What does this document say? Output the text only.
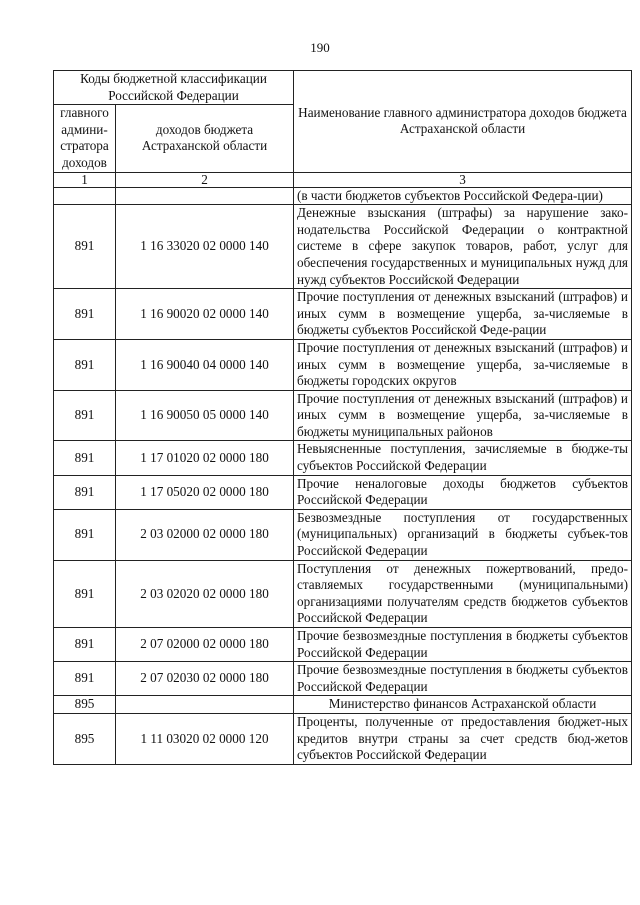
190
Коды бюджетной классификации Российской Федерации		Наименование главного администратора доходов бюджета Астраханской области
главного админи-стратора доходов	доходов бюджета Астраханской области	
1	2	3
		(в части бюджетов субъектов Российской Федера-ции)
891	1 16 33020 02 0000 140	Денежные взыскания (штрафы) за нарушение зако-нодательства Российской Федерации о контрактной системе в сфере закупок товаров, работ, услуг для обеспечения государственных и муниципальных нужд для нужд субъектов Российской Федерации
891	1 16 90020 02 0000 140	Прочие поступления от денежных взысканий (штрафов) и иных сумм в возмещение ущерба, за-числяемые в бюджеты субъектов Российской Феде-рации
891	1 16 90040 04 0000 140	Прочие поступления от денежных взысканий (штрафов) и иных сумм в возмещение ущерба, за-числяемые в бюджеты городских округов
891	1 16 90050 05 0000 140	Прочие поступления от денежных взысканий (штрафов) и иных сумм в возмещение ущерба, за-числяемые в бюджеты муниципальных районов
891	1 17 01020 02 0000 180	Невыясненные поступления, зачисляемые в бюдже-ты субъектов Российской Федерации
891	1 17 05020 02 0000 180	Прочие неналоговые доходы бюджетов субъектов Российской Федерации
891	2 03 02000 02 0000 180	Безвозмездные поступления от государственных (муниципальных) организаций в бюджеты субъек-тов Российской Федерации
891	2 03 02020 02 0000 180	Поступления от денежных пожертвований, предо-ставляемых государственными (муниципальными) организациями получателям средств бюджетов субъектов Российской Федерации
891	2 07 02000 02 0000 180	Прочие безвозмездные поступления в бюджеты субъектов Российской Федерации
891	2 07 02030 02 0000 180	Прочие безвозмездные поступления в бюджеты субъектов Российской Федерации
895		Министерство финансов Астраханской области
895	1 11 03020 02 0000 120	Проценты, полученные от предоставления бюджет-ных кредитов внутри страны за счет средств бюд-жетов субъектов Российской Федерации
